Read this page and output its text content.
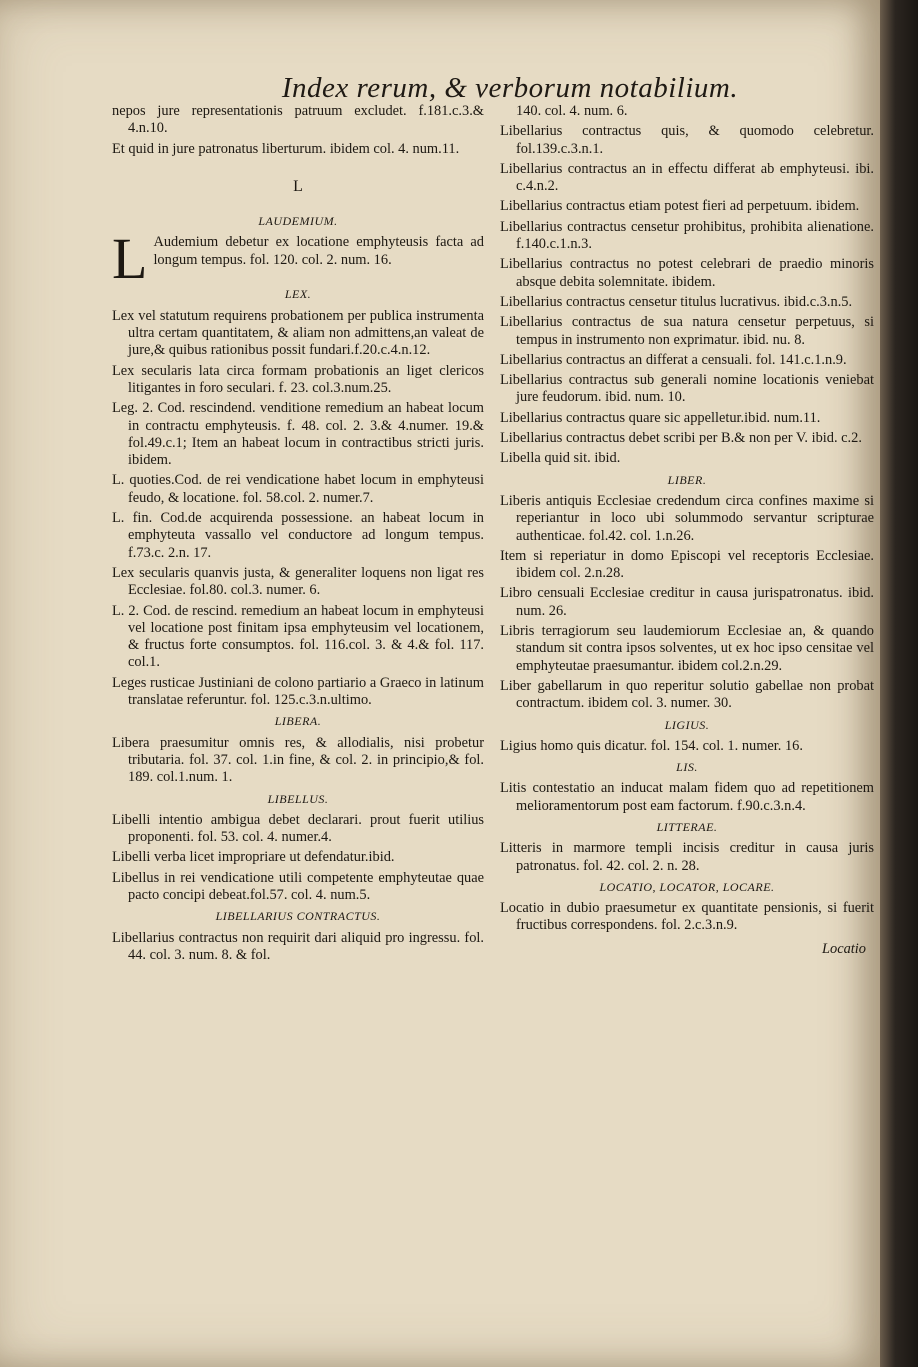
Index rerum, & verborum notabilium.
nepos jure representationis patruum excludet. f.181.c.3.& 4.n.10.
Et quid in jure patronatus liberturum. ibidem col. 4. num.11.
L
LAUDEMIUM.
L Audemium debetur ex locatione emphyteusis facta ad longum tempus. fol. 120. col. 2. num. 16.
LEX.
Lex vel statutum requirens probationem per publica instrumenta ultra certam quantitatem, & aliam non admittens,an valeat de jure,& quibus rationibus possit fundari.f.20.c.4.n.12.
Lex secularis lata circa formam probationis an liget clericos litigantes in foro seculari. f. 23. col.3.num.25.
Leg. 2. Cod. rescindend. venditione remedium an habeat locum in contractu emphyteusis. f. 48. col. 2. 3.& 4.numer. 19.& fol.49.c.1; Item an habeat locum in contractibus stricti juris. ibidem.
L. quoties.Cod. de rei vendicatione habet locum in emphyteusi feudo, & locatione. fol. 58.col. 2. numer.7.
L. fin. Cod.de acquirenda possessione. an habeat locum in emphyteuta vassallo vel conductore ad longum tempus. f.73.c. 2.n. 17.
Lex secularis quanvis justa, & generaliter loquens non ligat res Ecclesiae. fol.80. col.3. numer. 6.
L. 2. Cod. de rescind. remedium an habeat locum in emphyteusi vel locatione post finitam ipsa emphyteusim vel locationem, & fructus forte consumptos. fol. 116.col. 3. & 4.& fol. 117. col.1.
Leges rusticae Justiniani de colono partiario a Graeco in latinum translatae referuntur. fol. 125.c.3.n.ultimo.
LIBERA.
Libera praesumitur omnis res, & allodialis, nisi probetur tributaria. fol. 37. col. 1.in fine, & col. 2. in principio,& fol. 189. col.1.num. 1.
LIBELLUS.
Libelli intentio ambigua debet declarari. prout fuerit utilius proponenti. fol. 53. col. 4. numer.4.
Libelli verba licet impropriare ut defendatur.ibid.
Libellus in rei vendicatione utili competente emphyteutae quae pacto concipi debeat.fol.57. col. 4. num.5.
LIBELLARIUS CONTRACTUS.
Libellarius contractus non requirit dari aliquid pro ingressu. fol. 44. col. 3. num. 8. & fol.
140. col. 4. num. 6.
Libellarius contractus quis, & quomodo celebretur. fol.139.c.3.n.1.
Libellarius contractus an in effectu differat ab emphyteusi. ibi. c.4.n.2.
Libellarius contractus etiam potest fieri ad perpetuum. ibidem.
Libellarius contractus censetur prohibitus, prohibita alienatione. f.140.c.1.n.3.
Libellarius contractus no potest celebrari de praedio minoris absque debita solemnitate. ibidem.
Libellarius contractus censetur titulus lucrativus. ibid.c.3.n.5.
Libellarius contractus de sua natura censetur perpetuus, si tempus in instrumento non exprimatur. ibid. nu. 8.
Libellarius contractus an differat a censuali. fol. 141.c.1.n.9.
Libellarius contractus sub generali nomine locationis veniebat jure feudorum. ibid. num. 10.
Libellarius contractus quare sic appelletur.ibid. num.11.
Libellarius contractus debet scribi per B.& non per V. ibid. c.2.
Libella quid sit. ibid.
LIBER.
Liberis antiquis Ecclesiae credendum circa confines maxime si reperiantur in loco ubi solummodo servantur scripturae authenticae. fol.42. col. 1.n.26.
Item si reperiatur in domo Episcopi vel receptoris Ecclesiae. ibidem col. 2.n.28.
Libro censuali Ecclesiae creditur in causa jurispatronatus. ibid. num. 26.
Libris terragiorum seu laudemiorum Ecclesiae an, & quando standum sit contra ipsos solventes, ut ex hoc ipso censitae vel emphyteutae praesumantur. ibidem col.2.n.29.
Liber gabellarum in quo reperitur solutio gabellae non probat contractum. ibidem col. 3. numer. 30.
LIGIUS.
Ligius homo quis dicatur. fol. 154. col. 1. numer. 16.
LIS.
Litis contestatio an inducat malam fidem quo ad repetitionem melioramentorum post eam factorum. f.90.c.3.n.4.
LITTERAE.
Litteris in marmore templi incisis creditur in causa juris patronatus. fol. 42. col. 2. n. 28.
LOCATIO, LOCATOR, LOCARE.
Locatio in dubio praesumetur ex quantitate pensionis, si fuerit fructibus correspondens. fol. 2.c.3.n.9.
Locatio
